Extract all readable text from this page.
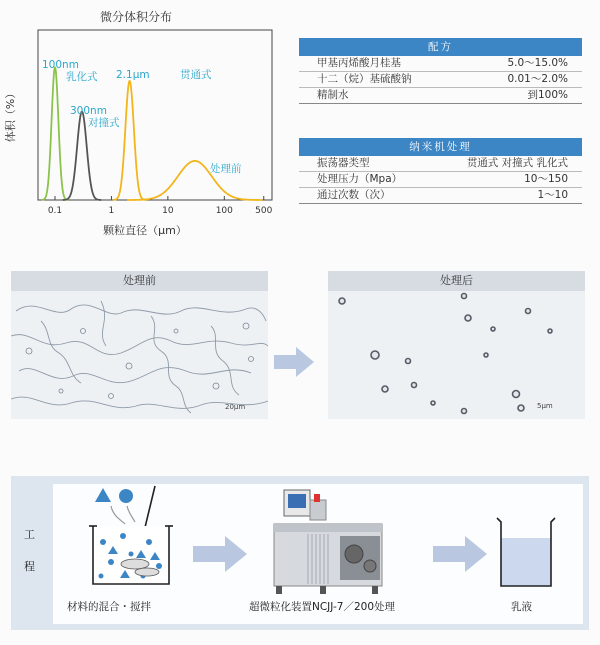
微分体积分布
0.1	1	10	100 500
颗粒直径（μm）
体积（%）
100nm
乳化式
300nm
对撞式
2.1μm	贯通式
处理前
配方
甲基丙烯酸月桂基	5.0～15.0%
十二（烷）基硫酸钠	0.01～2.0%
精制水	到100%
纳米机处理
振荡器类型	贯通式 对撞式 乳化式
处理压力（Mpa）	10～150
通过次数（次）	1～10
处理前
20μm
处理后
5μm
工
程
材料的混合・搅拌	超微粒化装置NCJJ-7／200处理	乳液
